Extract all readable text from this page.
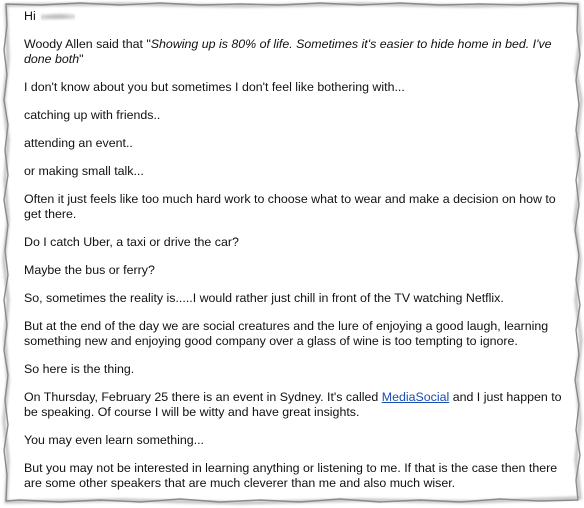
Hi

Woody Allen said that "Showing up is 80% of life. Sometimes it's easier to hide home in bed. I've done both"

I don't know about you but sometimes I don't feel like bothering with...

catching up with friends..

attending an event..

or making small talk...

Often it just feels like too much hard work to choose what to wear and make a decision on how to get there.

Do I catch Uber, a taxi or drive the car?

Maybe the bus or ferry?

So, sometimes the reality is.....I would rather just chill in front of the TV watching Netflix.

But at the end of the day we are social creatures and the lure of enjoying a good laugh, learning something new and enjoying good company over a glass of wine is too tempting to ignore.

So here is the thing.

On Thursday, February 25 there is an event in Sydney. It's called MediaSocial and I just happen to be speaking. Of course I will be witty and have great insights.

You may even learn something...

But you may not be interested in learning anything or listening to me. If that is the case then there are some other speakers that are much cleverer than me and also much wiser.
